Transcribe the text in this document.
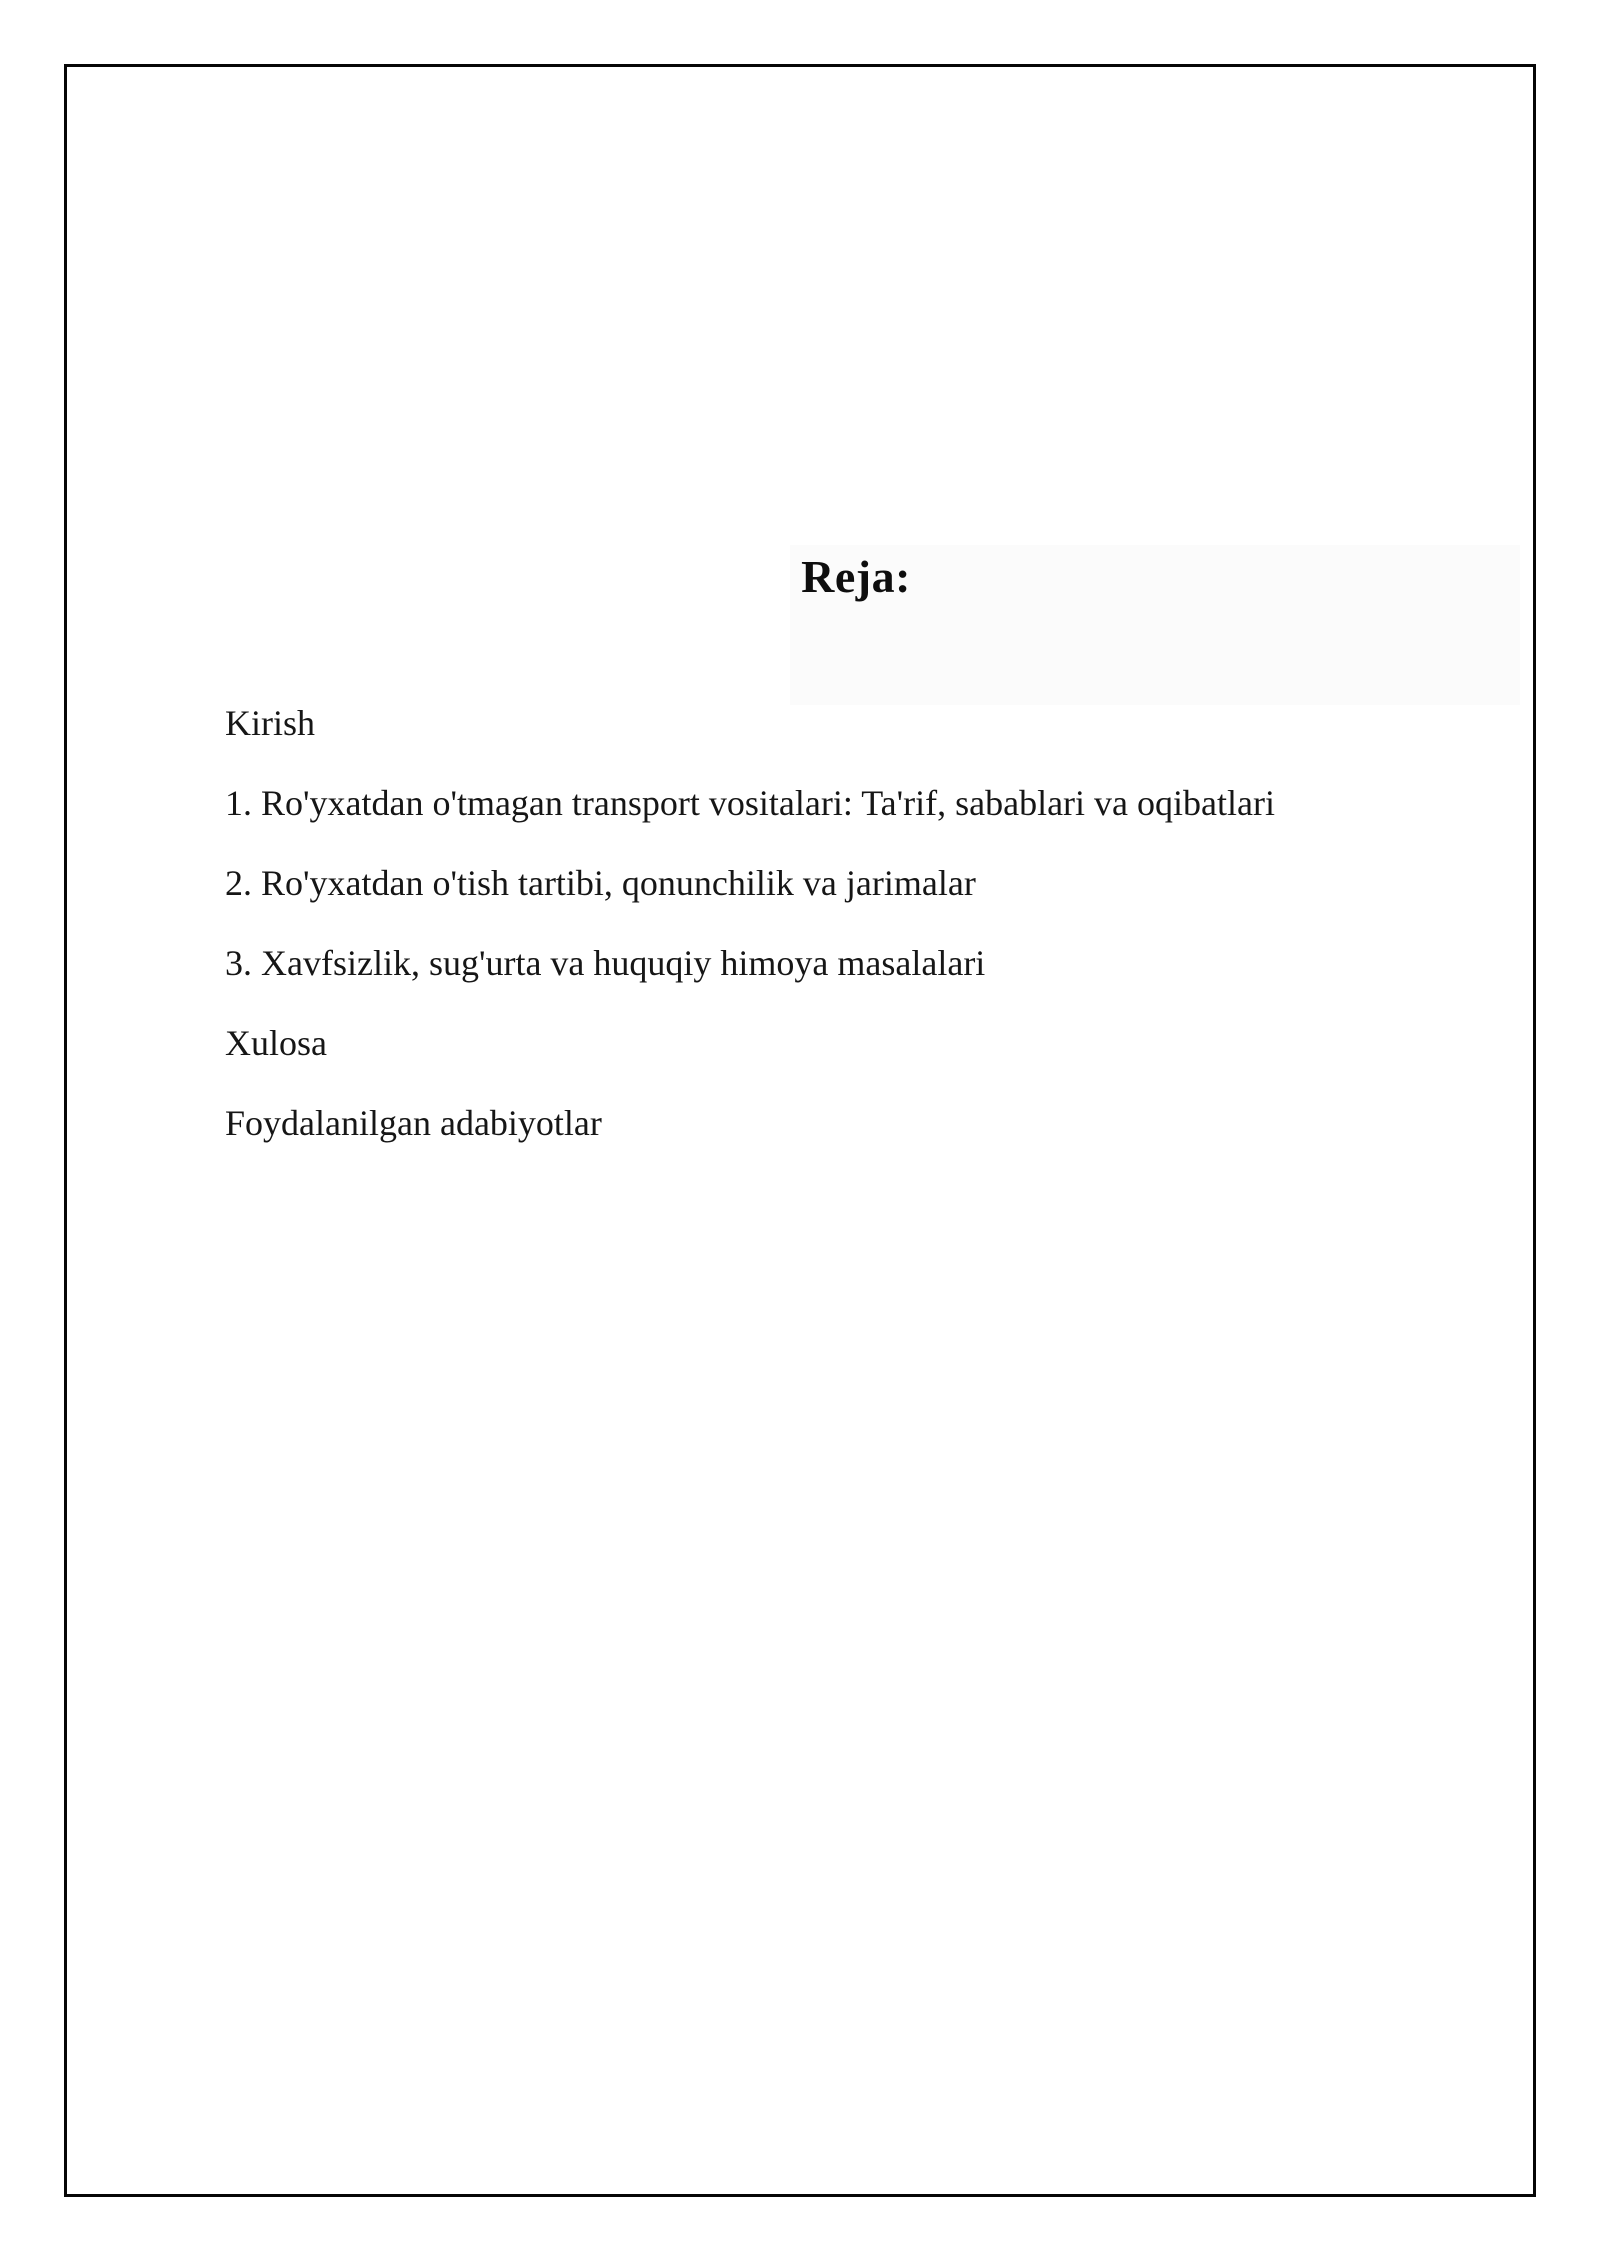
Reja:

Kirish

1. Ro'yxatdan o'tmagan transport vositalari: Ta'rif, sabablari va oqibatlari

2. Ro'yxatdan o'tish tartibi, qonunchilik va jarimalar

3. Xavfsizlik, sug'urta va huquqiy himoya masalalari

Xulosa

Foydalanilgan adabiyotlar
